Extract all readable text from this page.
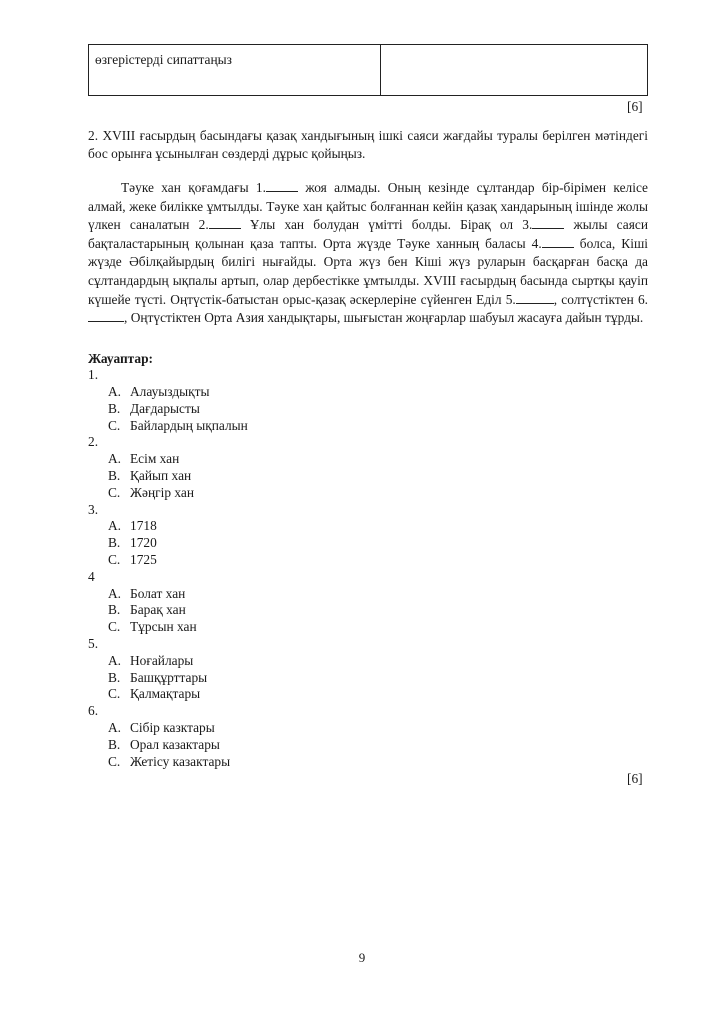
өзгерістерді сипаттаңыз
[6]
2. XVIII ғасырдың басындағы қазақ хандығының ішкі саяси жағдайы туралы берілген мәтіндегі бос орынға ұсынылған сөздерді дұрыс қойыңыз.
Тәуке хан қоғамдағы 1. жоя алмады. Оның кезінде сұлтандар бір-бірімен келісе алмай, жеке билікке ұмтылды. Тәуке хан қайтыс болғаннан кейін қазақ хандарының ішінде жолы үлкен саналатын 2. Ұлы хан болудан үмітті болды. Бірақ ол 3. жылы саяси бақталастарының қолынан қаза тапты. Орта жүзде Тәуке ханның баласы 4. болса, Кіші жүзде Әбілқайырдың билігі нығайды. Орта жүз бен Кіші жүз руларын басқарған басқа да сұлтандардың ықпалы артып, олар дербестікке ұмтылды. XVIII ғасырдың басында сыртқы қауіп күшейе түсті. Оңтүстік-батыстан орыс-қазақ әскерлеріне сүйенген Еділ 5.	, солтүстіктен 6., Оңтүстіктен Орта Азия хандықтары, шығыстан жоңғарлар шабуыл жасауға дайын тұрды.
Жауаптар:
1.
A. Алауыздықты
B. Дағдарысты
C. Байлардың ықпалын
2.
A. Есім хан
B. Қайып хан
C. Жәңгір хан
3.
A. 1718
B. 1720
C. 1725
4
A. Болат хан
B. Барақ хан
C. Тұрсын хан
5.
A. Ноғайлары
B. Башқұрттары
C. Қалмақтары
6.
A. Сібір казктары
B. Орал казактары
C. Жетісу казактары
[6]
9
